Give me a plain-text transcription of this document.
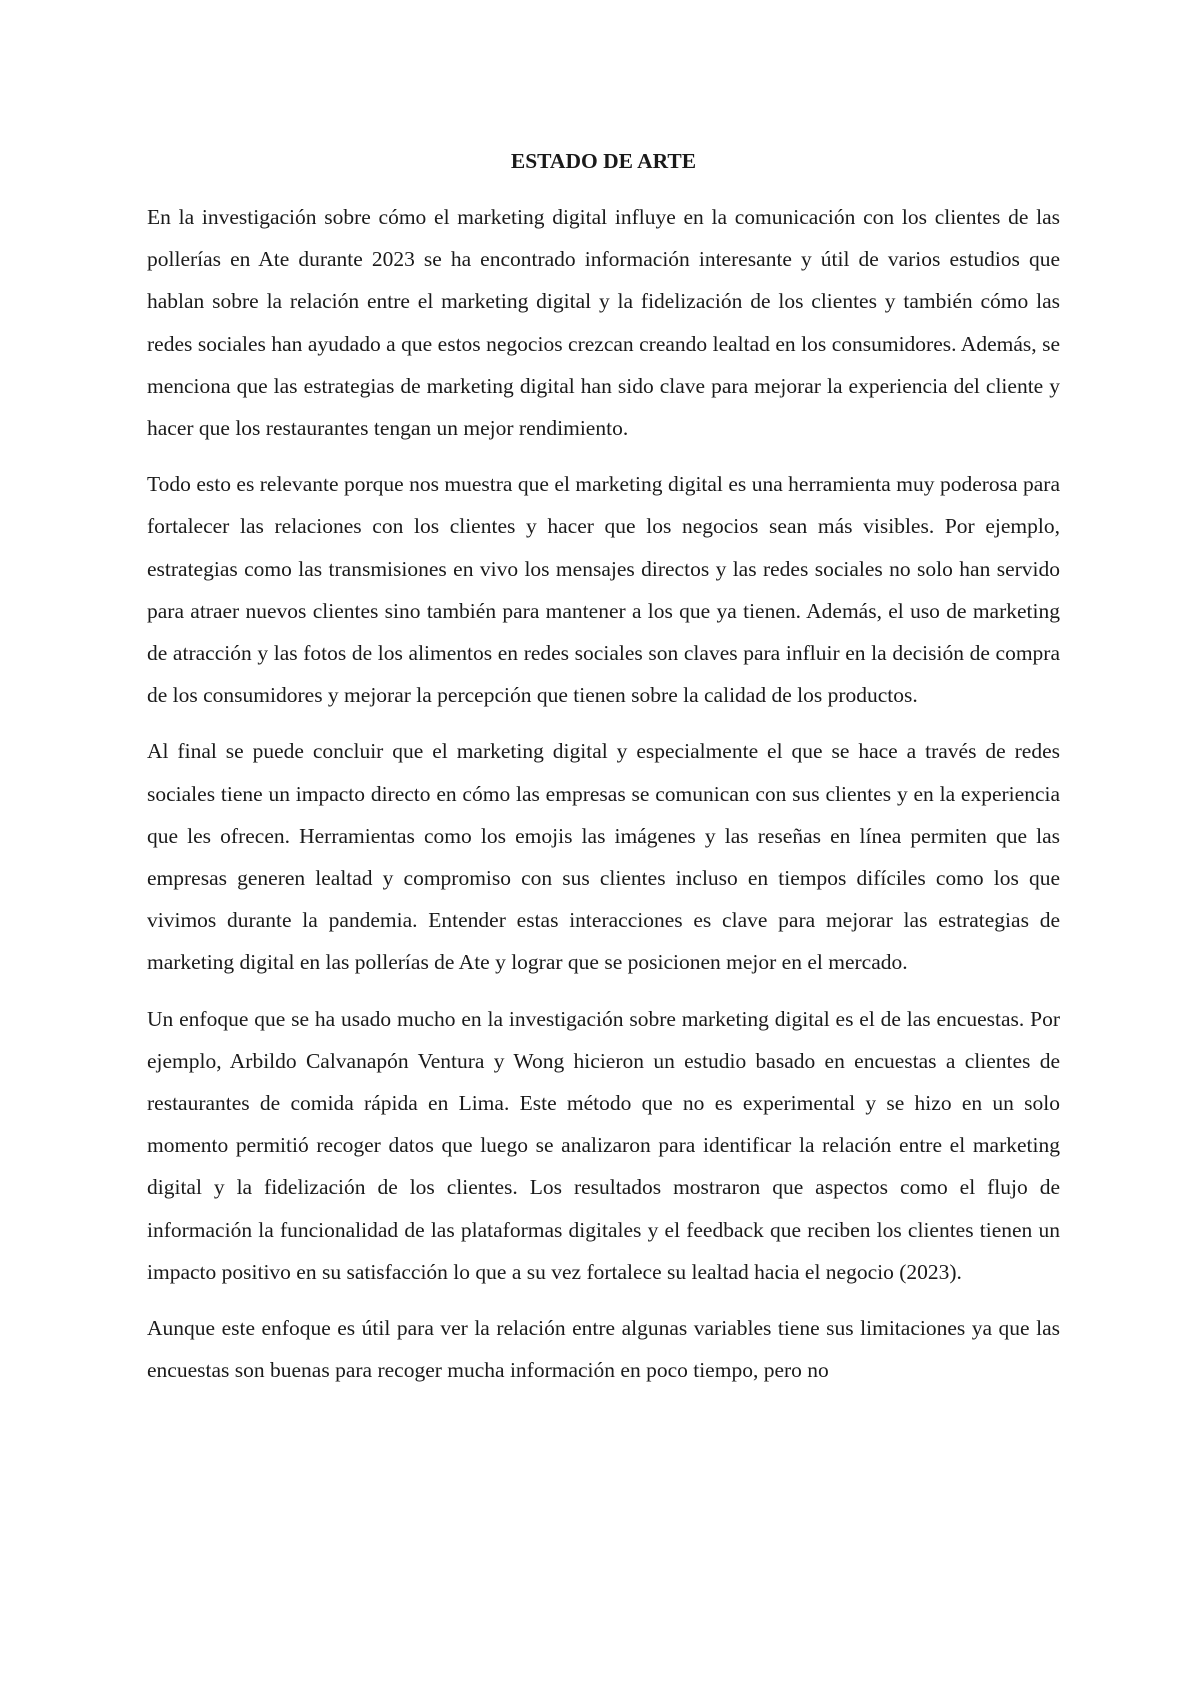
ESTADO DE ARTE

En la investigación sobre cómo el marketing digital influye en la comunicación con los clientes de las pollerías en Ate durante 2023 se ha encontrado información interesante y útil de varios estudios que hablan sobre la relación entre el marketing digital y la fidelización de los clientes y también cómo las redes sociales han ayudado a que estos negocios crezcan creando lealtad en los consumidores. Además, se menciona que las estrategias de marketing digital han sido clave para mejorar la experiencia del cliente y hacer que los restaurantes tengan un mejor rendimiento.

Todo esto es relevante porque nos muestra que el marketing digital es una herramienta muy poderosa para fortalecer las relaciones con los clientes y hacer que los negocios sean más visibles. Por ejemplo, estrategias como las transmisiones en vivo los mensajes directos y las redes sociales no solo han servido para atraer nuevos clientes sino también para mantener a los que ya tienen. Además, el uso de marketing de atracción y las fotos de los alimentos en redes sociales son claves para influir en la decisión de compra de los consumidores y mejorar la percepción que tienen sobre la calidad de los productos.

Al final se puede concluir que el marketing digital y especialmente el que se hace a través de redes sociales tiene un impacto directo en cómo las empresas se comunican con sus clientes y en la experiencia que les ofrecen. Herramientas como los emojis las imágenes y las reseñas en línea permiten que las empresas generen lealtad y compromiso con sus clientes incluso en tiempos difíciles como los que vivimos durante la pandemia. Entender estas interacciones es clave para mejorar las estrategias de marketing digital en las pollerías de Ate y lograr que se posicionen mejor en el mercado.

Un enfoque que se ha usado mucho en la investigación sobre marketing digital es el de las encuestas. Por ejemplo, Arbildo Calvanapón Ventura y Wong hicieron un estudio basado en encuestas a clientes de restaurantes de comida rápida en Lima. Este método que no es experimental y se hizo en un solo momento permitió recoger datos que luego se analizaron para identificar la relación entre el marketing digital y la fidelización de los clientes. Los resultados mostraron que aspectos como el flujo de información la funcionalidad de las plataformas digitales y el feedback que reciben los clientes tienen un impacto positivo en su satisfacción lo que a su vez fortalece su lealtad hacia el negocio (2023).

Aunque este enfoque es útil para ver la relación entre algunas variables tiene sus limitaciones ya que las encuestas son buenas para recoger mucha información en poco tiempo, pero no
